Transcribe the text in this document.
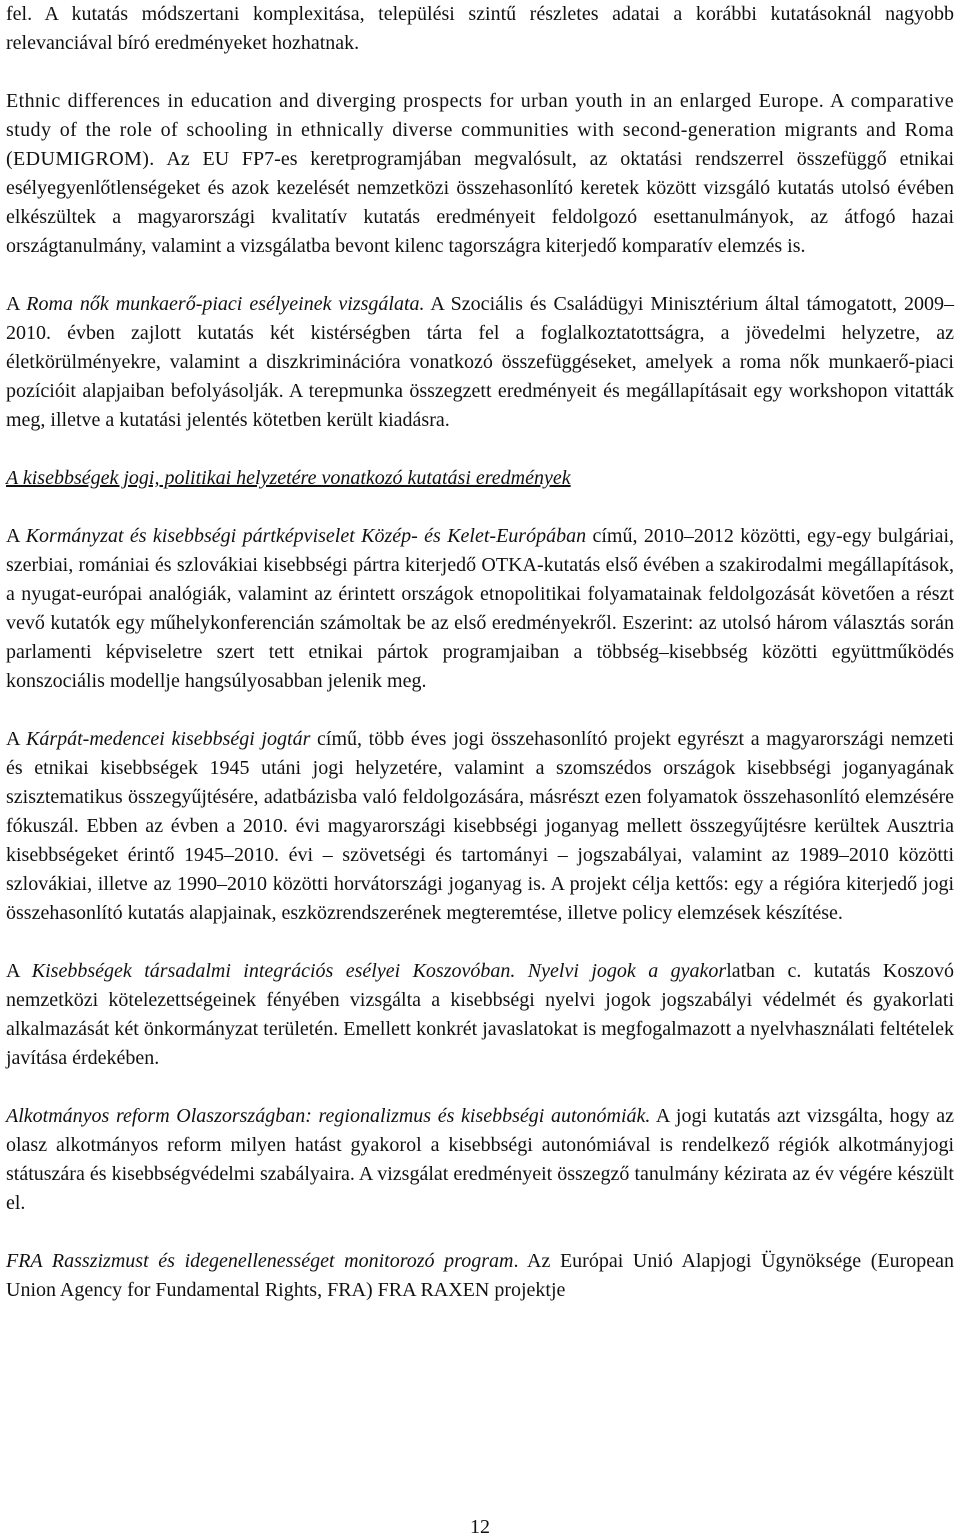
fel. A kutatás módszertani komplexitása, települési szintű részletes adatai a korábbi kutatásoknál nagyobb relevanciával bíró eredményeket hozhatnak.

Ethnic differences in education and diverging prospects for urban youth in an enlarged Europe. A comparative study of the role of schooling in ethnically diverse communities with second-generation migrants and Roma (EDUMIGROM). Az EU FP7-es keretprogramjában megvalósult, az oktatási rendszerrel összefüggő etnikai esélyegyenlőtlenségeket és azok kezelését nemzetközi összehasonlító keretek között vizsgáló kutatás utolsó évében elkészültek a magyarországi kvalitatív kutatás eredményeit feldolgozó esettanulmányok, az átfogó hazai országtanulmány, valamint a vizsgálatba bevont kilenc tagországra kiterjedő komparatív elemzés is.

A Roma nők munkaerő-piaci esélyeinek vizsgálata. A Szociális és Családügyi Minisztérium által támogatott, 2009–2010. évben zajlott kutatás két kistérségben tárta fel a foglalkoztatottságra, a jövedelmi helyzetre, az életkörülményekre, valamint a diszkriminációra vonatkozó összefüggéseket, amelyek a roma nők munkaerő-piaci pozícióit alapjaiban befolyásolják. A terepmunka összegzett eredményeit és megállapításait egy workshopon vitatták meg, illetve a kutatási jelentés kötetben került kiadásra.

A kisebbségek jogi, politikai helyzetére vonatkozó kutatási eredmények

A Kormányzat és kisebbségi pártképviselet Közép- és Kelet-Európában című, 2010–2012 közötti, egy-egy bulgáriai, szerbiai, romániai és szlovákiai kisebbségi pártra kiterjedő OTKA-kutatás első évében a szakirodalmi megállapítások, a nyugat-európai analógiák, valamint az érintett országok etnopolitikai folyamatainak feldolgozását követően a részt vevő kutatók egy műhelykonferencián számoltak be az első eredményekről. Eszerint: az utolsó három választás során parlamenti képviseletre szert tett etnikai pártok programjaiban a többség–kisebbség közötti együttműködés konszociális modellje hangsúlyosabban jelenik meg.

A Kárpát-medencei kisebbségi jogtár című, több éves jogi összehasonlító projekt egyrészt a magyarországi nemzeti és etnikai kisebbségek 1945 utáni jogi helyzetére, valamint a szomszédos országok kisebbségi joganyagának szisztematikus összegyűjtésére, adatbázisba való feldolgozására, másrészt ezen folyamatok összehasonlító elemzésére fókuszál. Ebben az évben a 2010. évi magyarországi kisebbségi joganyag mellett összegyűjtésre kerültek Ausztria kisebbségeket érintő 1945–2010. évi – szövetségi és tartományi – jogszabályai, valamint az 1989–2010 közötti szlovákiai, illetve az 1990–2010 közötti horvátországi joganyag is. A projekt célja kettős: egy a régióra kiterjedő jogi összehasonlító kutatás alapjainak, eszközrendszerének megteremtése, illetve policy elemzések készítése.

A Kisebbségek társadalmi integrációs esélyei Koszovóban. Nyelvi jogok a gyakorlatban c. kutatás Koszovó nemzetközi kötelezettségeinek fényében vizsgálta a kisebbségi nyelvi jogok jogszabályi védelmét és gyakorlati alkalmazását két önkormányzat területén. Emellett konkrét javaslatokat is megfogalmazott a nyelvhasználati feltételek javítása érdekében.

Alkotmányos reform Olaszországban: regionalizmus és kisebbségi autonómiák. A jogi kutatás azt vizsgálta, hogy az olasz alkotmányos reform milyen hatást gyakorol a kisebbségi autonómiával is rendelkező régiók alkotmányjogi státuszára és kisebbségvédelmi szabályaira. A vizsgálat eredményeit összegző tanulmány kézirata az év végére készült el.

FRA Rasszizmust és idegenellenességet monitorozó program. Az Európai Unió Alapjogi Ügynöksége (European Union Agency for Fundamental Rights, FRA) FRA RAXEN projektje

12
